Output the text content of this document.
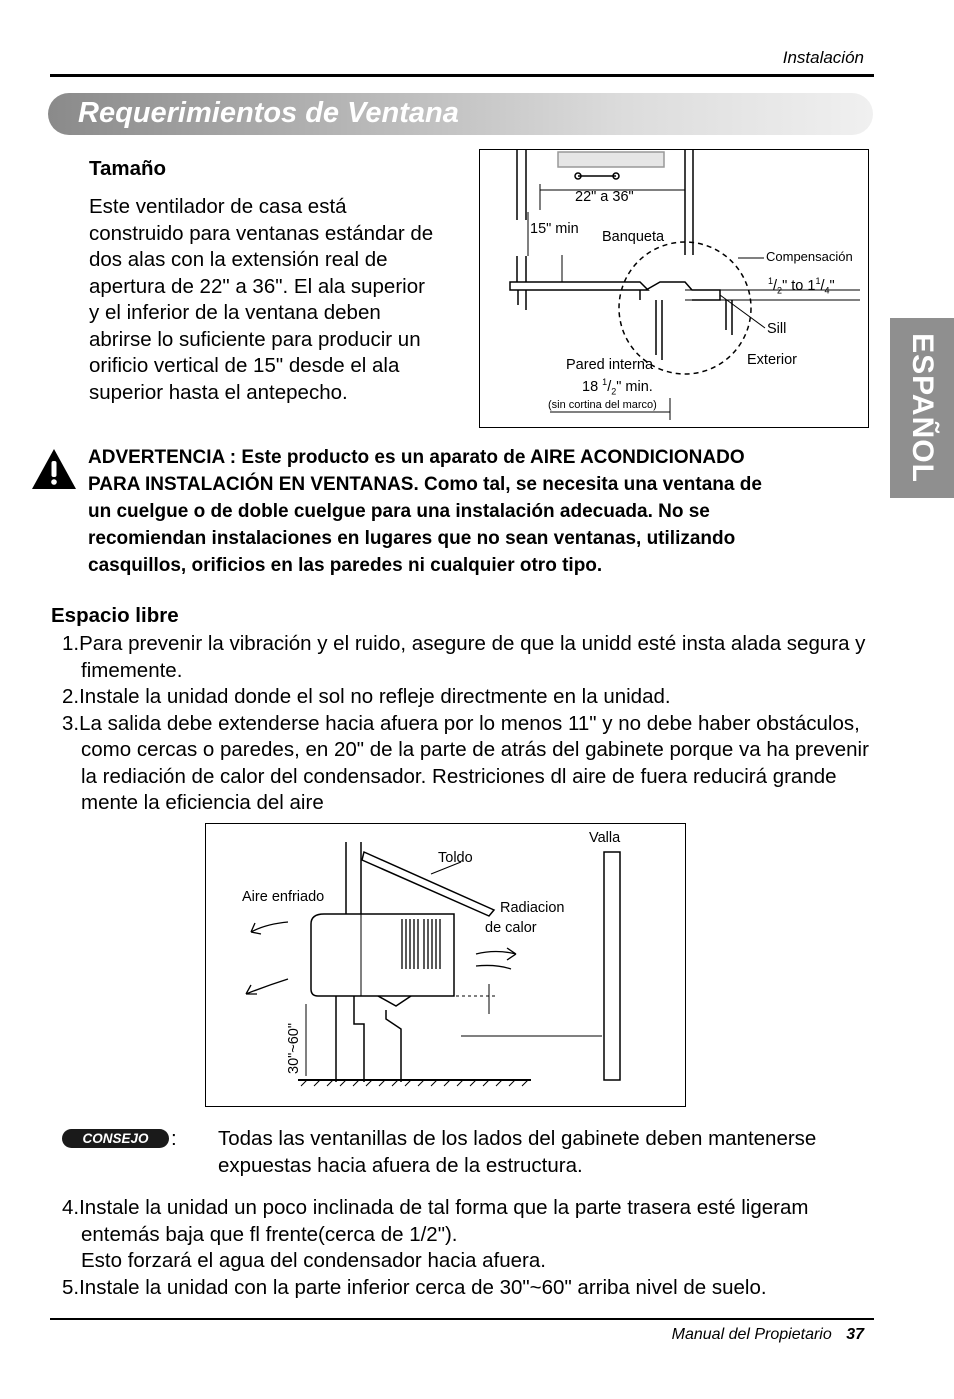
Instalación
Requerimientos de Ventana
ESPAÑOL
Tamaño
Este ventilador de casa está
construido para ventanas estándar de
dos alas con la extensión real de
apertura de 22" a 36". El ala superior
y el inferior de la ventana deben
abrirse lo suficiente para producir un
orificio vertical de 15" desde el ala
superior hasta el antepecho.
22" a 36"
15" min Banqueta
Compensación
$^1/_2$" to $1^1/_4$"
Sill
Exterior
Pared interna
18 $^1/_2$" min.
(sin cortina del marco)
ADVERTENCIA : Este producto es un aparato de AIRE ACONDICIONADO
PARA INSTALACIÓN EN VENTANAS. Como tal, se necesita una ventana de
un cuelgue o de doble cuelgue para una instalación adecuada. No se
recomiendan instalaciones en lugares que no sean ventanas, utilizando
casquillos, orificios en las paredes ni cualquier otro tipo.
Espacio libre
1.Para prevenir la vibración y el ruido, asegure de que la unidd esté insta alada segura y fimemente.
2.Instale la unidad donde el sol no refleje directmente en la unidad.
3.La salida debe extenderse hacia afuera por lo menos 11" y no debe haber obstáculos, como cercas o paredes, en 20" de la parte de atrás del gabinete porque va ha prevenir la rediación de calor del condensador. Restriciones dl aire de fuera reducirá grande mente la eficiencia del aire
Valla
Toldo
Aire enfriado
Radiacion
de calor
30"~60"
CONSEJO	: Todas las ventanillas de los lados del gabinete deben mantenerse
expuestas hacia afuera de la estructura.
4.Instale la unidad un poco inclinada de tal forma que la parte trasera esté ligeram entemás baja que fl frente(cerca de 1/2").
Esto forzará el agua del condensador hacia afuera.
5.Instale la unidad con la parte inferior cerca de 30"~60" arriba nivel de suelo.
Manual del Propietario 37
